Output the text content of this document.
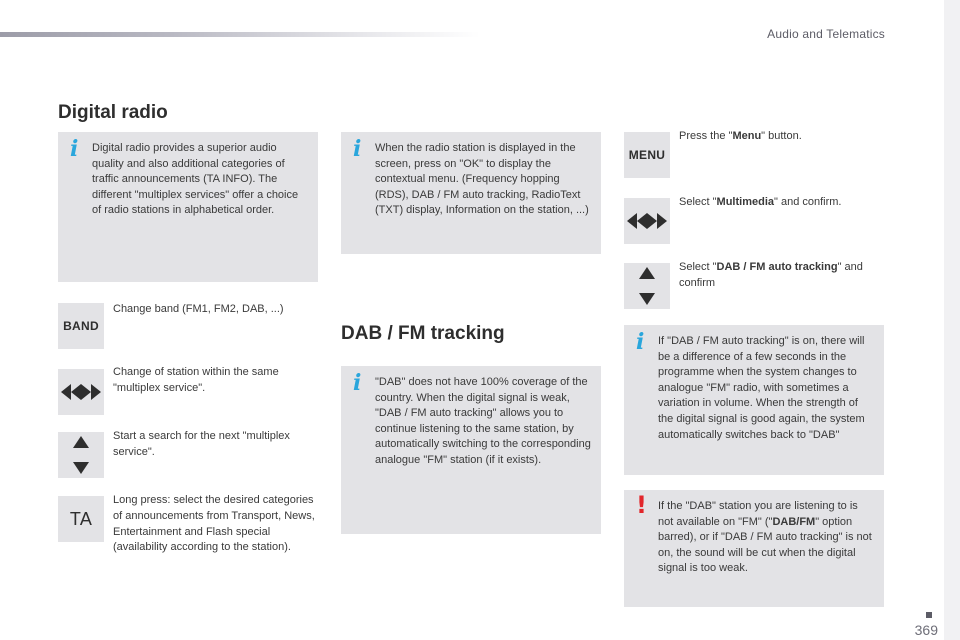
Audio and Telematics
Digital radio
i Digital radio provides a superior audio quality and also additional categories of traffic announcements (TA INFO). The different "multiplex services" offer a choice of radio stations in alphabetical order.
BAND
Change band (FM1, FM2, DAB, ...)
Change of station within the same "multiplex service".
Start a search for the next "multiplex service".
TA
Long press: select the desired categories of announcements from Transport, News, Entertainment and Flash special (availability according to the station).
i When the radio station is displayed in the screen, press on "OK" to display the contextual menu. (Frequency hopping (RDS), DAB / FM auto tracking, RadioText (TXT) display, Information on the station, ...)
DAB / FM tracking
i "DAB" does not have 100% coverage of the country. When the digital signal is weak, "DAB / FM auto tracking" allows you to continue listening to the same station, by automatically switching to the corresponding analogue "FM" station (if it exists).
MENU
Press the "Menu" button.
Select "Multimedia" and confirm.
Select "DAB / FM auto tracking" and confirm
i If "DAB / FM auto tracking" is on, there will be a difference of a few seconds in the programme when the system changes to analogue "FM" radio, with sometimes a variation in volume. When the strength of the digital signal is good again, the system automatically switches back to "DAB"
! If the "DAB" station you are listening to is not available on "FM" ("DAB/FM" option barred), or if "DAB / FM auto tracking" is not on, the sound will be cut when the digital signal is too weak.
369
